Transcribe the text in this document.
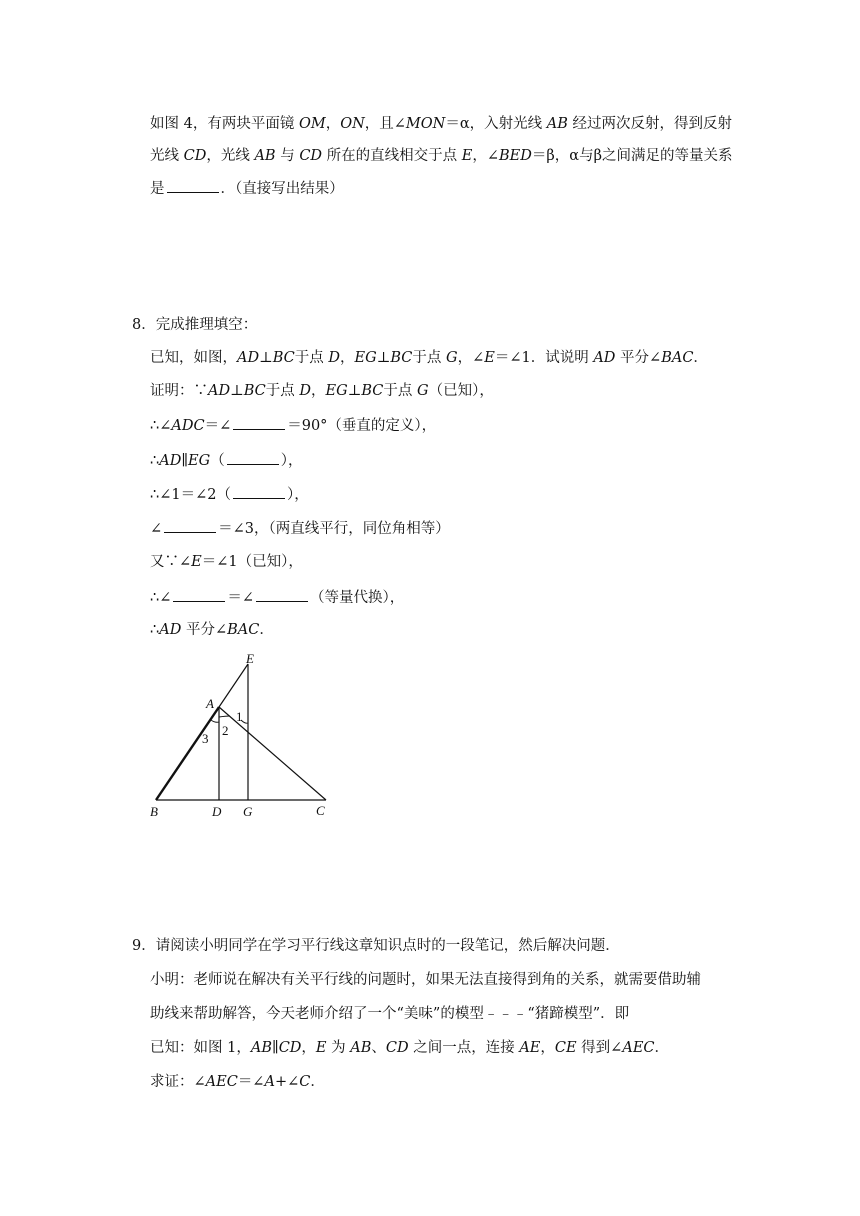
如图 4，有两块平面镜 OM，ON，且∠MON＝α，入射光线 AB 经过两次反射，得到反射
光线 CD，光线 AB 与 CD 所在的直线相交于点 E，∠BED＝β，α与β之间满足的等量关系
是	．（直接写出结果）
8．完成推理填空：
已知，如图，AD⊥BC于点 D，EG⊥BC于点 G，∠E＝∠1．试说明 AD 平分∠BAC．
证明：∵AD⊥BC于点 D，EG⊥BC于点 G（已知），
∴∠ADC＝∠	＝90°（垂直的定义），
∴AD∥EG（	），
∴∠1＝∠2（	），
∠	＝∠3，（两直线平行，同位角相等）
又∵∠E＝∠1（已知），
∴∠	＝∠	（等量代换），
∴AD 平分∠BAC．
E
A
1
2
3
B	D G	C
9．请阅读小明同学在学习平行线这章知识点时的一段笔记，然后解决问题．
小明：老师说在解决有关平行线的问题时，如果无法直接得到角的关系，就需要借助辅
助线来帮助解答，今天老师介绍了一个“美味”的模型﹣﹣﹣“猪蹄模型”．即
已知：如图 1，AB∥CD，E 为 AB、CD 之间一点，连接 AE，CE 得到∠AEC．
求证：∠AEC＝∠A+∠C．
